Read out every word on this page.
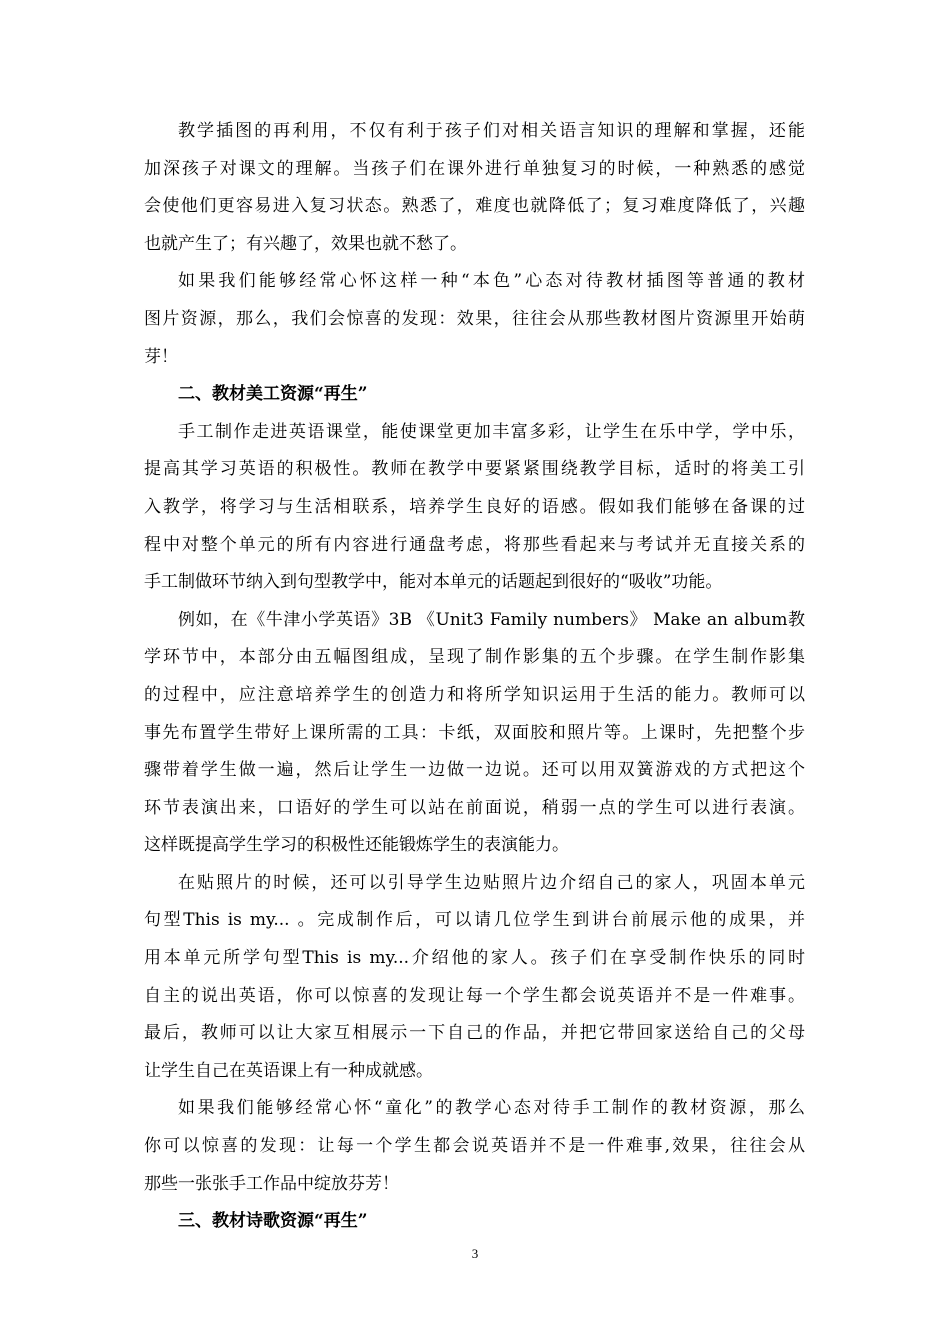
教学插图的再利用，不仅有利于孩子们对相关语言知识的理解和掌握，还能
加深孩子对课文的理解。当孩子们在课外进行单独复习的时候，一种熟悉的感觉
会使他们更容易进入复习状态。熟悉了，难度也就降低了；复习难度降低了，兴趣
也就产生了；有兴趣了，效果也就不愁了。
如果我们能够经常心怀这样一种“本色”心态对待教材插图等普通的教材
图片资源，那么，我们会惊喜的发现：效果，往往会从那些教材图片资源里开始萌
芽！
二、教材美工资源“再生”
手工制作走进英语课堂，能使课堂更加丰富多彩，让学生在乐中学，学中乐，
提高其学习英语的积极性。教师在教学中要紧紧围绕教学目标，适时的将美工引
入教学，将学习与生活相联系，培养学生良好的语感。假如我们能够在备课的过
程中对整个单元的所有内容进行通盘考虑，将那些看起来与考试并无直接关系的
手工制做环节纳入到句型教学中，能对本单元的话题起到很好的“吸收”功能。
例如，在《牛津小学英语》3B 《Unit3 Family numbers》 Make an album教
学环节中，本部分由五幅图组成，呈现了制作影集的五个步骤。在学生制作影集
的过程中，应注意培养学生的创造力和将所学知识运用于生活的能力。教师可以
事先布置学生带好上课所需的工具：卡纸，双面胶和照片等。上课时，先把整个步
骤带着学生做一遍，然后让学生一边做一边说。还可以用双簧游戏的方式把这个
环节表演出来，口语好的学生可以站在前面说，稍弱一点的学生可以进行表演。
这样既提高学生学习的积极性还能锻炼学生的表演能力。
在贴照片的时候，还可以引导学生边贴照片边介绍自己的家人，巩固本单元
句型This is my... 。完成制作后，可以请几位学生到讲台前展示他的成果，并
用本单元所学句型This is my...介绍他的家人。孩子们在享受制作快乐的同时
自主的说出英语，你可以惊喜的发现让每一个学生都会说英语并不是一件难事。
最后，教师可以让大家互相展示一下自己的作品，并把它带回家送给自己的父母
让学生自己在英语课上有一种成就感。
如果我们能够经常心怀“童化”的教学心态对待手工制作的教材资源，那么
你可以惊喜的发现：让每一个学生都会说英语并不是一件难事,效果，往往会从
那些一张张手工作品中绽放芬芳！
三、教材诗歌资源“再生”
3
